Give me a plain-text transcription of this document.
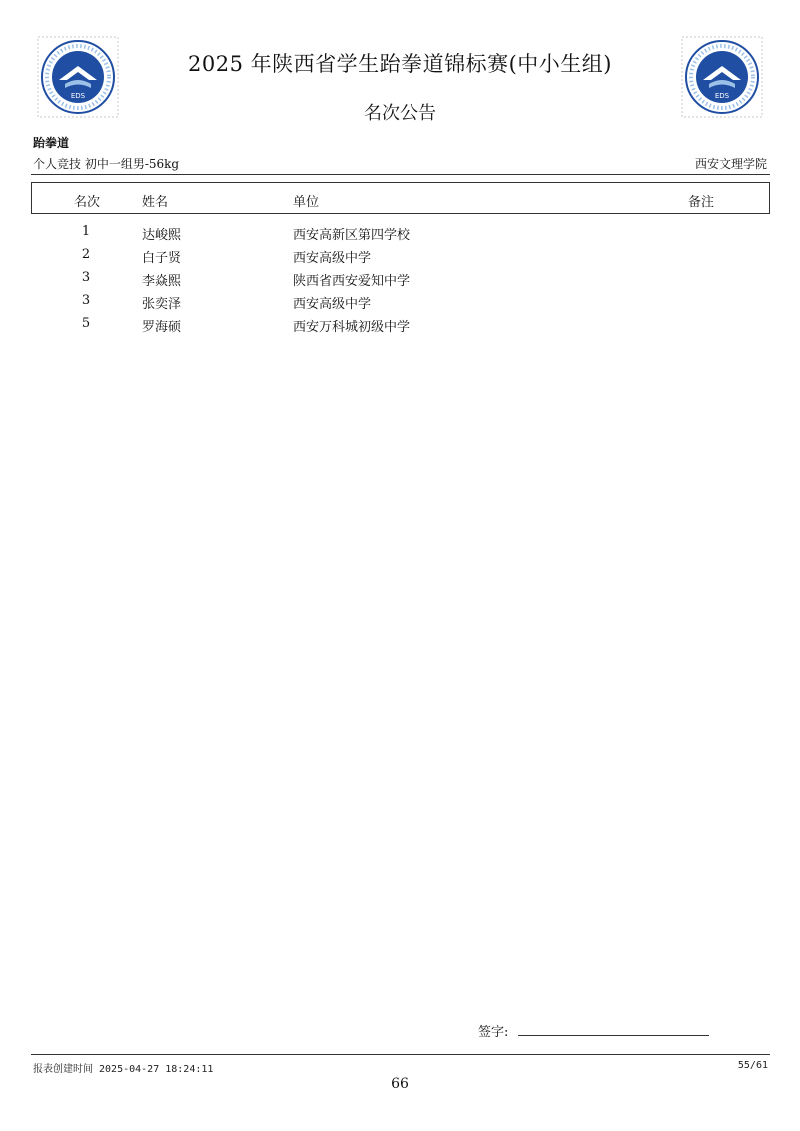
EDS	EDS
2025 年陕西省学生跆拳道锦标赛(中小生组)
名次公告
跆拳道
个人竞技 初中一组男-56kg	西安文理学院
名次	姓名	单位	备注
1	达峻熙	西安高新区第四学校
2	白子贤	西安高级中学
3	李焱熙	陕西省西安爱知中学
3	张奕泽	西安高级中学
5	罗海硕	西安万科城初级中学
签字:
报表创建时间 2025-04-27 18:24:11	55/61
66
